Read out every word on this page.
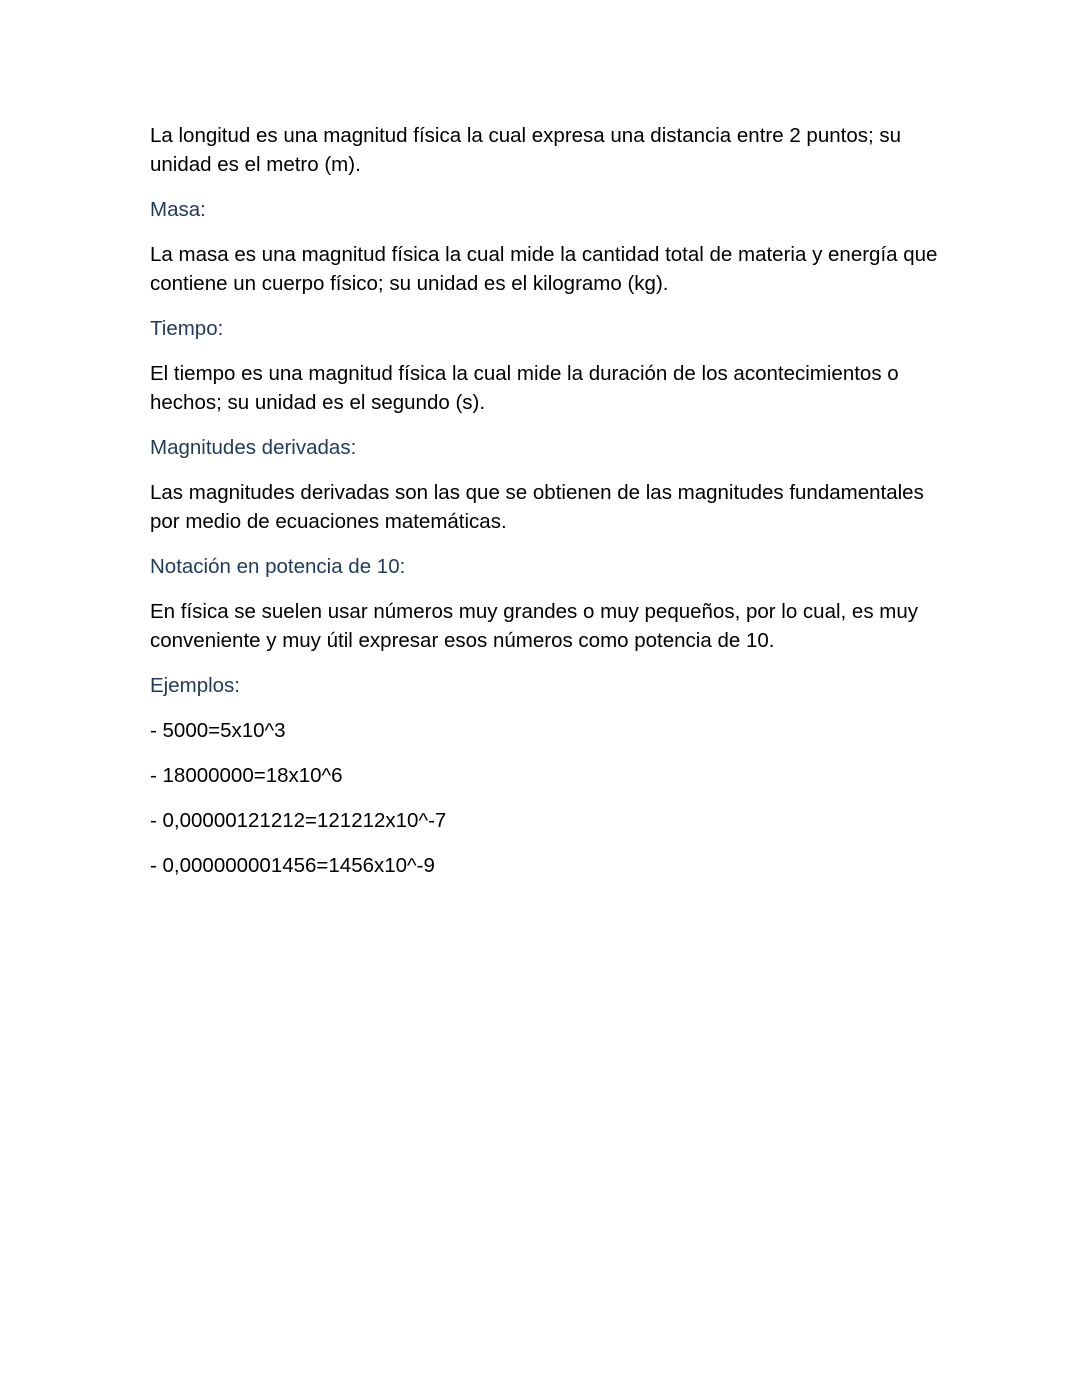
La longitud es una magnitud física la cual expresa una distancia entre 2 puntos; su unidad es el metro (m).

Masa:

La masa es una magnitud física la cual mide la cantidad total de materia y energía que contiene un cuerpo físico; su unidad es el kilogramo (kg).

Tiempo:

El tiempo es una magnitud física la cual mide la duración de los acontecimientos o hechos; su unidad es el segundo (s).

Magnitudes derivadas:

Las magnitudes derivadas son las que se obtienen de las magnitudes fundamentales por medio de ecuaciones matemáticas.

Notación en potencia de 10:

En física se suelen usar números muy grandes o muy pequeños, por lo cual, es muy conveniente y muy útil expresar esos números como potencia de 10.

Ejemplos:

- 5000=5x10^3

- 18000000=18x10^6

- 0,00000121212=121212x10^-7

- 0,000000001456=1456x10^-9
